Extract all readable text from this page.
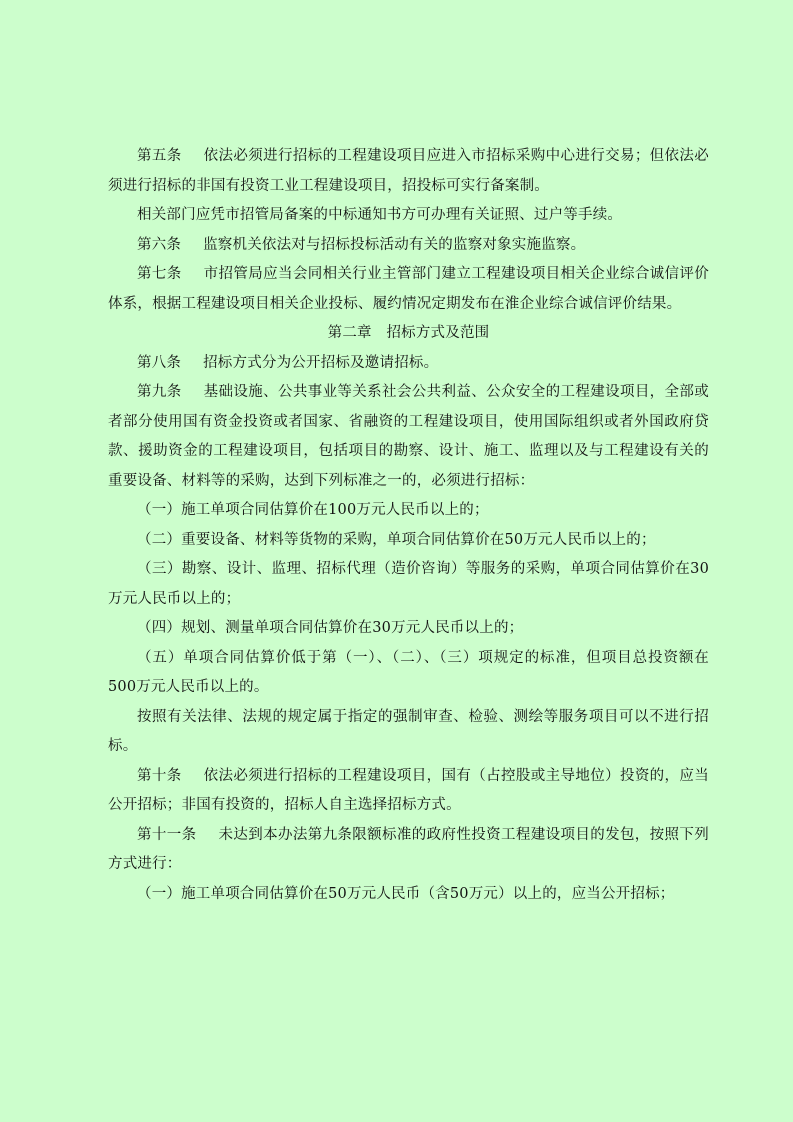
第五条 依法必须进行招标的工程建设项目应进入市招标采购中心进行交易；但依法必须进行招标的非国有投资工业工程建设项目，招投标可实行备案制。

相关部门应凭市招管局备案的中标通知书方可办理有关证照、过户等手续。

第六条 监察机关依法对与招标投标活动有关的监察对象实施监察。

第七条 市招管局应当会同相关行业主管部门建立工程建设项目相关企业综合诚信评价体系，根据工程建设项目相关企业投标、履约情况定期发布在淮企业综合诚信评价结果。

第二章　招标方式及范围

第八条 招标方式分为公开招标及邀请招标。

第九条 基础设施、公共事业等关系社会公共利益、公众安全的工程建设项目，全部或者部分使用国有资金投资或者国家、省融资的工程建设项目，使用国际组织或者外国政府贷款、援助资金的工程建设项目，包括项目的勘察、设计、施工、监理以及与工程建设有关的重要设备、材料等的采购，达到下列标准之一的，必须进行招标：

（一）施工单项合同估算价在100万元人民币以上的；

（二）重要设备、材料等货物的采购，单项合同估算价在50万元人民币以上的；

（三）勘察、设计、监理、招标代理（造价咨询）等服务的采购，单项合同估算价在30万元人民币以上的；

（四）规划、测量单项合同估算价在30万元人民币以上的；

（五）单项合同估算价低于第（一）、（二）、（三）项规定的标准，但项目总投资额在500万元人民币以上的。

按照有关法律、法规的规定属于指定的强制审查、检验、测绘等服务项目可以不进行招标。

第十条 依法必须进行招标的工程建设项目，国有（占控股或主导地位）投资的，应当公开招标；非国有投资的，招标人自主选择招标方式。

第十一条 未达到本办法第九条限额标准的政府性投资工程建设项目的发包，按照下列方式进行：

（一）施工单项合同估算价在50万元人民币（含50万元）以上的，应当公开招标；
